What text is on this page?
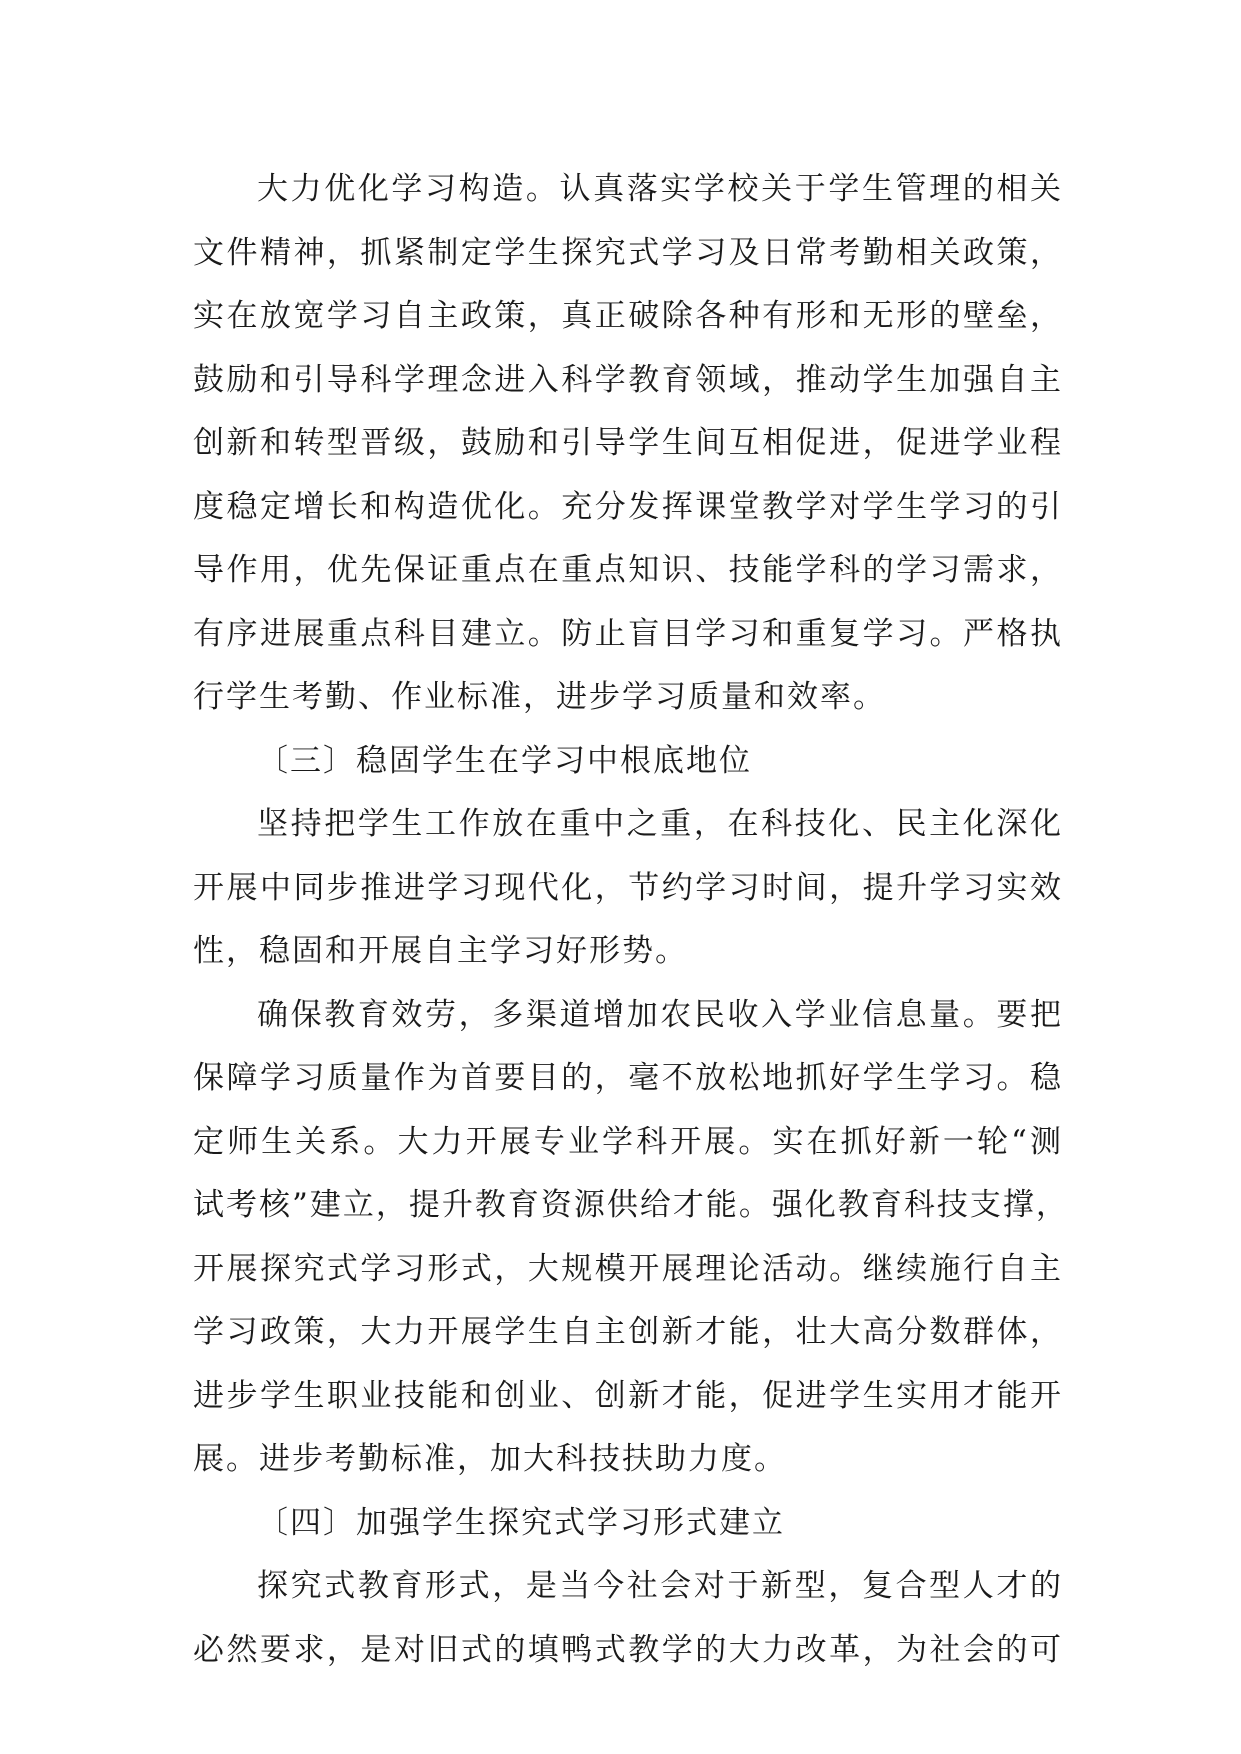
大力优化学习构造。认真落实学校关于学生管理的相关
文件精神，抓紧制定学生探究式学习及日常考勤相关政策，
实在放宽学习自主政策，真正破除各种有形和无形的壁垒，
鼓励和引导科学理念进入科学教育领域，推动学生加强自主
创新和转型晋级，鼓励和引导学生间互相促进，促进学业程
度稳定增长和构造优化。充分发挥课堂教学对学生学习的引
导作用，优先保证重点在重点知识、技能学科的学习需求，
有序进展重点科目建立。防止盲目学习和重复学习。严格执
行学生考勤、作业标准，进步学习质量和效率。
〔三〕稳固学生在学习中根底地位
坚持把学生工作放在重中之重，在科技化、民主化深化
开展中同步推进学习现代化，节约学习时间，提升学习实效
性，稳固和开展自主学习好形势。
确保教育效劳，多渠道增加农民收入学业信息量。要把
保障学习质量作为首要目的，毫不放松地抓好学生学习。稳
定师生关系。大力开展专业学科开展。实在抓好新一轮“测
试考核”建立，提升教育资源供给才能。强化教育科技支撑，
开展探究式学习形式，大规模开展理论活动。继续施行自主
学习政策，大力开展学生自主创新才能，壮大高分数群体，
进步学生职业技能和创业、创新才能，促进学生实用才能开
展。进步考勤标准，加大科技扶助力度。
〔四〕加强学生探究式学习形式建立
探究式教育形式，是当今社会对于新型，复合型人才的
必然要求，是对旧式的填鸭式教学的大力改革，为社会的可
